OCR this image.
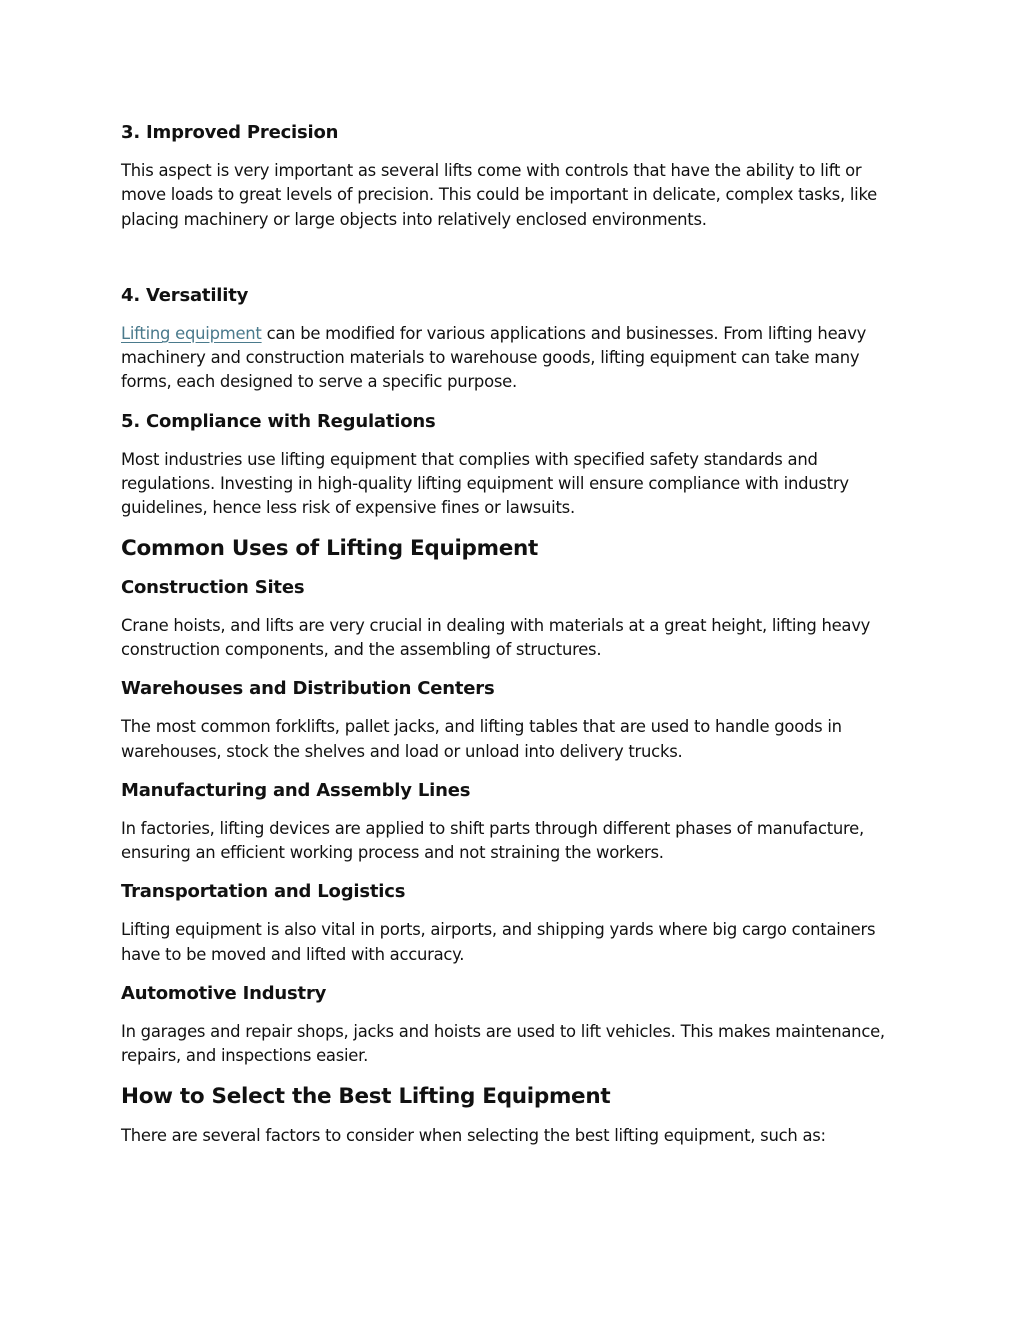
3. Improved Precision

This aspect is very important as several lifts come with controls that have the ability to lift or move loads to great levels of precision. This could be important in delicate, complex tasks, like placing machinery or large objects into relatively enclosed environments.

4. Versatility

Lifting equipment can be modified for various applications and businesses. From lifting heavy machinery and construction materials to warehouse goods, lifting equipment can take many forms, each designed to serve a specific purpose.

5. Compliance with Regulations

Most industries use lifting equipment that complies with specified safety standards and regulations. Investing in high-quality lifting equipment will ensure compliance with industry guidelines, hence less risk of expensive fines or lawsuits.

Common Uses of Lifting Equipment
Construction Sites

Crane hoists, and lifts are very crucial in dealing with materials at a great height, lifting heavy construction components, and the assembling of structures.

Warehouses and Distribution Centers

The most common forklifts, pallet jacks, and lifting tables that are used to handle goods in warehouses, stock the shelves and load or unload into delivery trucks.

Manufacturing and Assembly Lines

In factories, lifting devices are applied to shift parts through different phases of manufacture, ensuring an efficient working process and not straining the workers.

Transportation and Logistics

Lifting equipment is also vital in ports, airports, and shipping yards where big cargo containers have to be moved and lifted with accuracy.

Automotive Industry

In garages and repair shops, jacks and hoists are used to lift vehicles. This makes maintenance, repairs, and inspections easier.

How to Select the Best Lifting Equipment

There are several factors to consider when selecting the best lifting equipment, such as:
